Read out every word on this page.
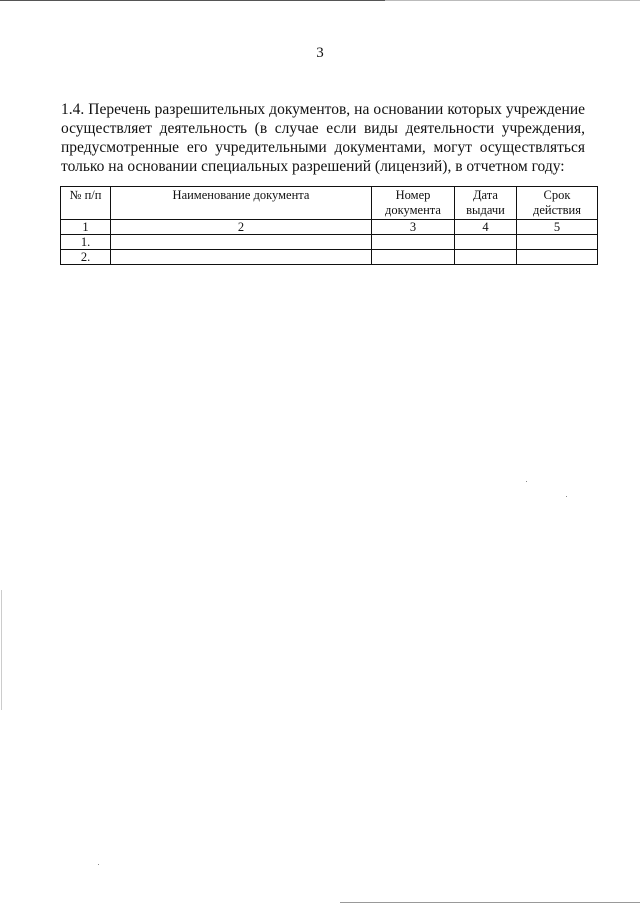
3
1.4. Перечень разрешительных документов, на основании которых учреждение осуществляет деятельность (в случае если виды деятельности учреждения, предусмотренные его учредительными документами, могут осуществляться только на основании специальных разрешений (лицензий), в отчетном году:
№ п/п	Наименование документа	Номер документа	Дата выдачи	Срок действия
1	2	3	4	5
1.				
2.				
